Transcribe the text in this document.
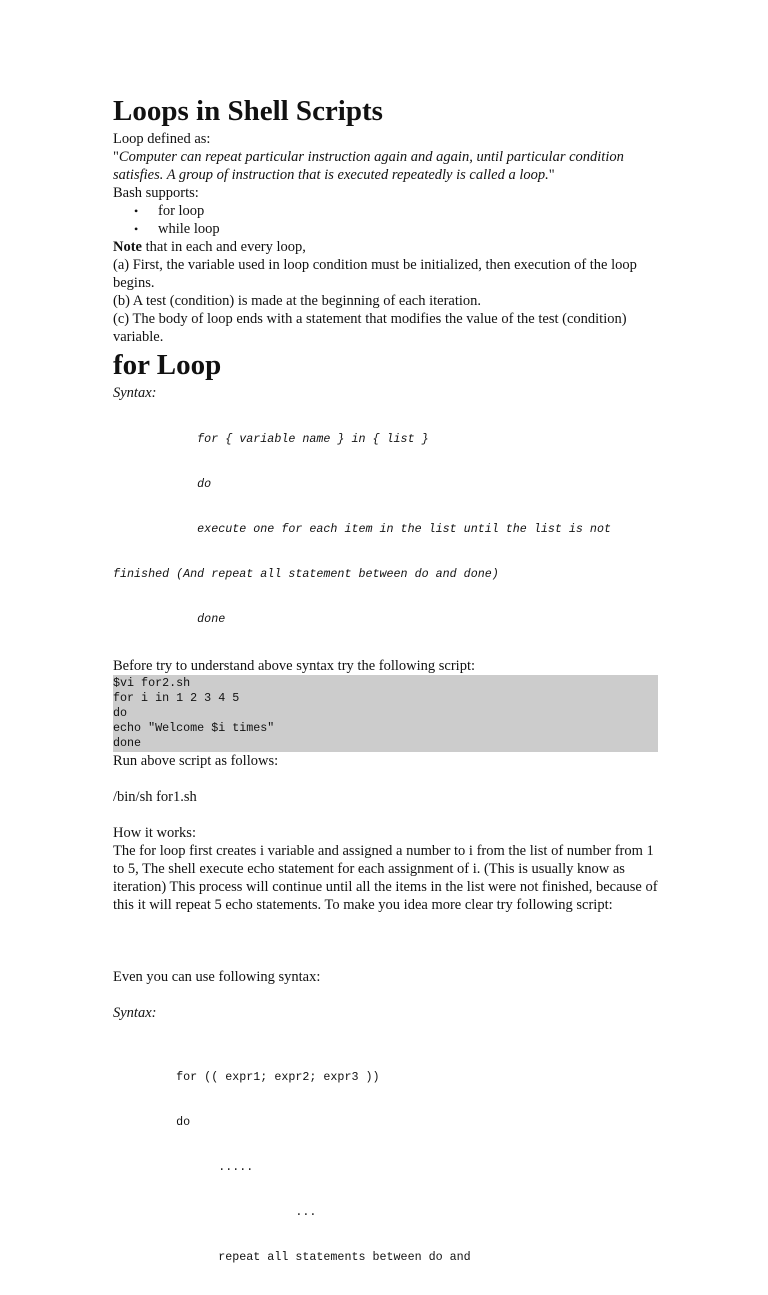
Loops in Shell Scripts

Loop defined as:

"Computer can repeat particular instruction again and again, until particular condition satisfies. A group of instruction that is executed repeatedly is called a loop."

Bash supports:

• for loop
• while loop

Note that in each and every loop,

(a) First, the variable used in loop condition must be initialized, then execution of the loop begins.

(b) A test (condition) is made at the beginning of each iteration.

(c) The body of loop ends with a statement that modifies the value of the test (condition) variable.

for Loop

Syntax:

for { variable name } in { list }

do

execute one for each item in the list until the list is not

finished (And repeat all statement between do and done)

done

Before try to understand above syntax try the following script:

$vi for2.sh
for i in 1 2 3 4 5
do
echo "Welcome $i times"
done

Run above script as follows:

/bin/sh for1.sh

How it works:

The for loop first creates i variable and assigned a number to i from the list of number from 1 to 5, The shell execute echo statement for each assignment of i. (This is usually know as iteration) This process will continue until all the items in the list were not finished, because of this it will repeat 5 echo statements. To make you idea more clear try following script:

Even you can use following syntax:

Syntax:

for (( expr1; expr2; expr3 ))

do

.....

...

repeat all statements between do and
